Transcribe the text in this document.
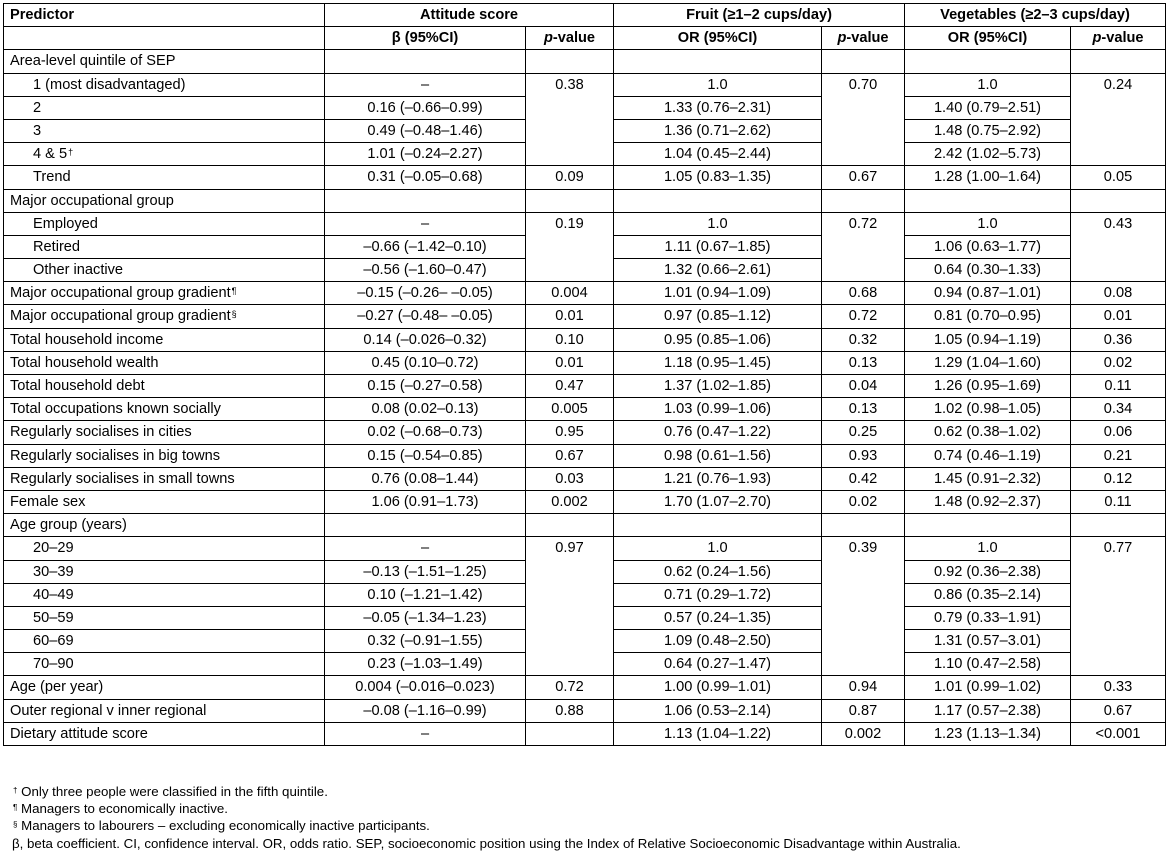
Predictor	Attitude score		Fruit (≥1–2 cups/day)		Vegetables (≥2–3 cups/day)	
	β (95%CI)	p-value	OR (95%CI)	p-value	OR (95%CI)	p-value
Area-level quintile of SEP						
1 (most disadvantaged)	–	0.38	1.0	0.70	1.0	0.24
2	0.16 (–0.66–0.99)		1.33 (0.76–2.31)		1.40 (0.79–2.51)	
3	0.49 (–0.48–1.46)		1.36 (0.71–2.62)		1.48 (0.75–2.92)	
4 & 5†	1.01 (–0.24–2.27)		1.04 (0.45–2.44)		2.42 (1.02–5.73)	
Trend	0.31 (–0.05–0.68)	0.09	1.05 (0.83–1.35)	0.67	1.28 (1.00–1.64)	0.05
Major occupational group						
Employed	–	0.19	1.0	0.72	1.0	0.43
Retired	–0.66 (–1.42–0.10)		1.11 (0.67–1.85)		1.06 (0.63–1.77)	
Other inactive	–0.56 (–1.60–0.47)		1.32 (0.66–2.61)		0.64 (0.30–1.33)	
Major occupational group gradient¶	–0.15 (–0.26– –0.05)	0.004	1.01 (0.94–1.09)	0.68	0.94 (0.87–1.01)	0.08
Major occupational group gradient§	–0.27 (–0.48– –0.05)	0.01	0.97 (0.85–1.12)	0.72	0.81 (0.70–0.95)	0.01
Total household income	0.14 (–0.026–0.32)	0.10	0.95 (0.85–1.06)	0.32	1.05 (0.94–1.19)	0.36
Total household wealth	0.45 (0.10–0.72)	0.01	1.18 (0.95–1.45)	0.13	1.29 (1.04–1.60)	0.02
Total household debt	0.15 (–0.27–0.58)	0.47	1.37 (1.02–1.85)	0.04	1.26 (0.95–1.69)	0.11
Total occupations known socially	0.08 (0.02–0.13)	0.005	1.03 (0.99–1.06)	0.13	1.02 (0.98–1.05)	0.34
Regularly socialises in cities	0.02 (–0.68–0.73)	0.95	0.76 (0.47–1.22)	0.25	0.62 (0.38–1.02)	0.06
Regularly socialises in big towns	0.15 (–0.54–0.85)	0.67	0.98 (0.61–1.56)	0.93	0.74 (0.46–1.19)	0.21
Regularly socialises in small towns	0.76 (0.08–1.44)	0.03	1.21 (0.76–1.93)	0.42	1.45 (0.91–2.32)	0.12
Female sex	1.06 (0.91–1.73)	0.002	1.70 (1.07–2.70)	0.02	1.48 (0.92–2.37)	0.11
Age group (years)						
20–29	–	0.97	1.0	0.39	1.0	0.77
30–39	–0.13 (–1.51–1.25)		0.62 (0.24–1.56)		0.92 (0.36–2.38)	
40–49	0.10 (–1.21–1.42)		0.71 (0.29–1.72)		0.86 (0.35–2.14)	
50–59	–0.05 (–1.34–1.23)		0.57 (0.24–1.35)		0.79 (0.33–1.91)	
60–69	0.32 (–0.91–1.55)		1.09 (0.48–2.50)		1.31 (0.57–3.01)	
70–90	0.23 (–1.03–1.49)		0.64 (0.27–1.47)		1.10 (0.47–2.58)	
Age (per year)	0.004 (–0.016–0.023)	0.72	1.00 (0.99–1.01)	0.94	1.01 (0.99–1.02)	0.33
Outer regional v inner regional	–0.08 (–1.16–0.99)	0.88	1.06 (0.53–2.14)	0.87	1.17 (0.57–2.38)	0.67
Dietary attitude score	–		1.13 (1.04–1.22)	0.002	1.23 (1.13–1.34)	<0.001
† Only three people were classified in the fifth quintile.
¶ Managers to economically inactive.
§ Managers to labourers – excluding economically inactive participants.
β, beta coefficient. CI, confidence interval. OR, odds ratio. SEP, socioeconomic position using the Index of Relative Socioeconomic Disadvantage within Australia.
